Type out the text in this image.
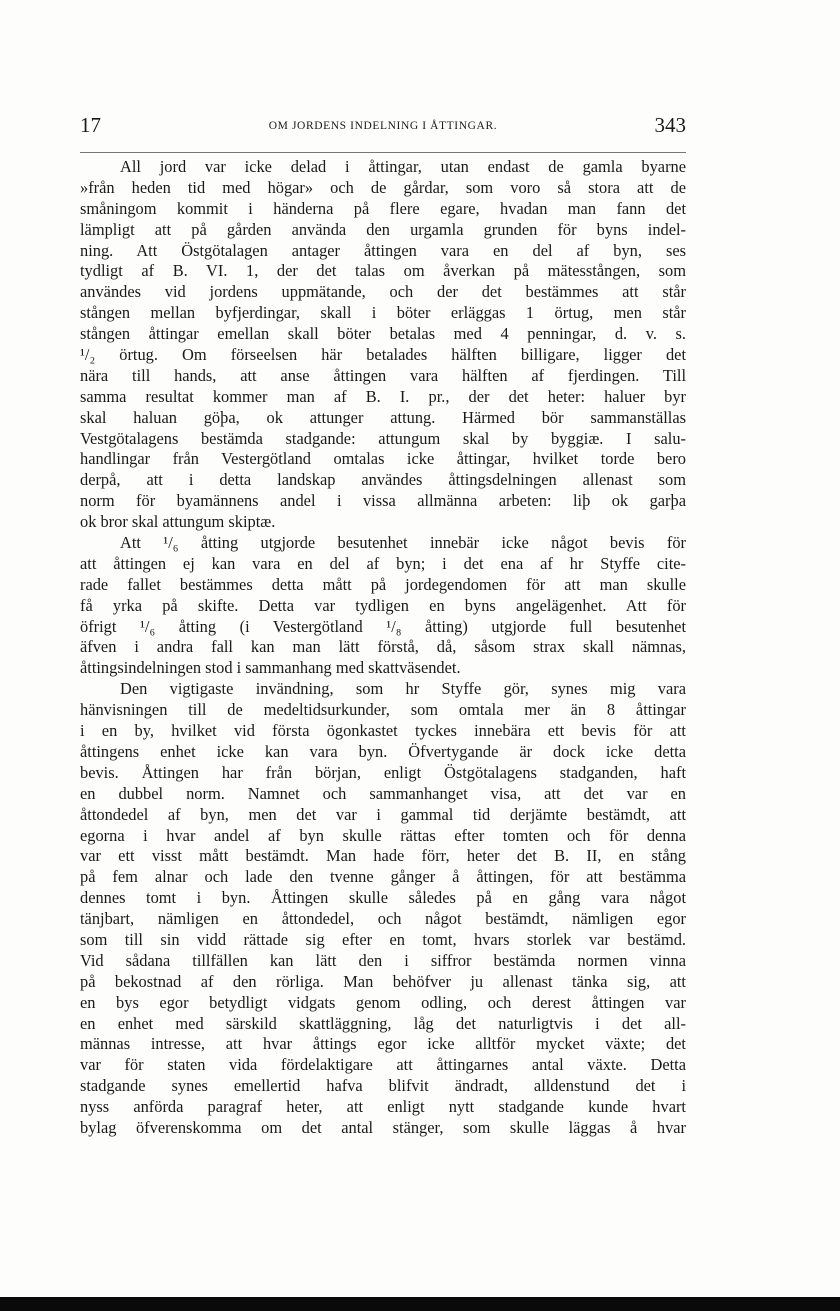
17	OM JORDENS INDELNING I ÅTTINGAR.	343
All jord var icke delad i åttingar, utan endast de gamla byarne
»från heden tid med högar» och de gårdar, som voro så stora att de
småningom kommit i händerna på flere egare, hvadan man fann det
lämpligt att på gården använda den urgamla grunden för byns indel-
ning. Att Östgötalagen antager åttingen vara en del af byn, ses
tydligt af B. VI. 1, der det talas om åverkan på mätesstången, som
användes vid jordens uppmätande, och der det bestämmes att står
stången mellan byfjerdingar, skall i böter erläggas 1 örtug, men står
stången åttingar emellan skall böter betalas med 4 penningar, d. v. s.
¹/₂ örtug. Om förseelsen här betalades hälften billigare, ligger det
nära till hands, att anse åttingen vara hälften af fjerdingen. Till
samma resultat kommer man af B. I. pr., der det heter: haluer byr
skal haluan göþa, ok attunger attung. Härmed bör sammanställas
Vestgötalagens bestämda stadgande: attungum skal by byggiæ. I salu-
handlingar från Vestergötland omtalas icke åttingar, hvilket torde bero
derpå, att i detta landskap användes åttingsdelningen allenast som
norm för byamännens andel i vissa allmänna arbeten: liþ ok garþa
ok bror skal attungum skiptæ.
Att ¹/₆ åtting utgjorde besutenhet innebär icke något bevis för
att åttingen ej kan vara en del af byn; i det ena af hr Styffe cite-
rade fallet bestämmes detta mått på jordegendomen för att man skulle
få yrka på skifte. Detta var tydligen en byns angelägenhet. Att för
öfrigt ¹/₆ åtting (i Vestergötland ¹/₈ åtting) utgjorde full besutenhet
äfven i andra fall kan man lätt förstå, då, såsom strax skall nämnas,
åttingsindelningen stod i sammanhang med skattväsendet.
Den vigtigaste invändning, som hr Styffe gör, synes mig vara
hänvisningen till de medeltidsurkunder, som omtala mer än 8 åttingar
i en by, hvilket vid första ögonkastet tyckes innebära ett bevis för att
åttingens enhet icke kan vara byn. Öfvertygande är dock icke detta
bevis. Åttingen har från början, enligt Östgötalagens stadganden, haft
en dubbel norm. Namnet och sammanhanget visa, att det var en
åttondedel af byn, men det var i gammal tid derjämte bestämdt, att
egorna i hvar andel af byn skulle rättas efter tomten och för denna
var ett visst mått bestämdt. Man hade förr, heter det B. II, en stång
på fem alnar och lade den tvenne gånger å åttingen, för att bestämma
dennes tomt i byn. Åttingen skulle således på en gång vara något
tänjbart, nämligen en åttondedel, och något bestämdt, nämligen egor
som till sin vidd rättade sig efter en tomt, hvars storlek var bestämd.
Vid sådana tillfällen kan lätt den i siffror bestämda normen vinna
på bekostnad af den rörliga. Man behöfver ju allenast tänka sig, att
en bys egor betydligt vidgats genom odling, och derest åttingen var
en enhet med särskild skattläggning, låg det naturligtvis i det all-
männas intresse, att hvar åttings egor icke alltför mycket växte; det
var för staten vida fördelaktigare att åttingarnes antal växte. Detta
stadgande synes emellertid hafva blifvit ändradt, alldenstund det i
nyss anförda paragraf heter, att enligt nytt stadgande kunde hvart
bylag öfverenskomma om det antal stänger, som skulle läggas å hvar
